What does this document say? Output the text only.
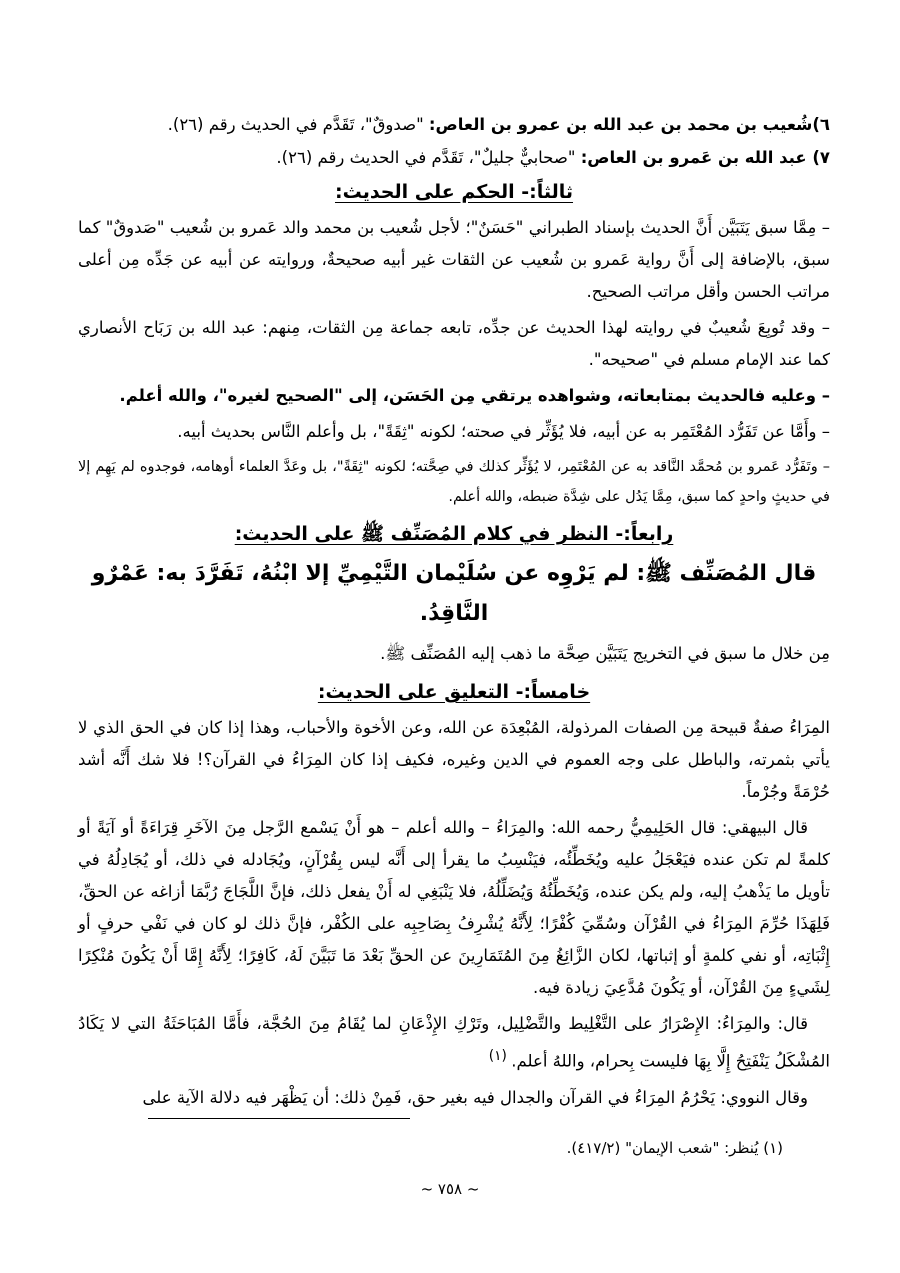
٦)شُعيب بن محمد بن عبد الله بن عمرو بن العاص: "صدوقٌ"، تَقَدَّم في الحديث رقم (٢٦).

٧) عبد الله بن عَمرو بن العاص: "صحابيٌّ جليلٌ"، تَقَدَّم في الحديث رقم (٢٦).

ثالثاً:- الحكم على الحديث:

– مِمَّا سبق يَتَبَيَّن أَنَّ الحديث بإسناد الطبراني "حَسَنٌ"؛ لأجل شُعيب بن محمد والد عَمرو بن شُعيب "صَدوقٌ" كما سبق، بالإضافة إلى أَنَّ رواية عَمرو بن شُعيب عن الثقات غير أبيه صحيحةٌ، وروايته عن أبيه عن جَدِّه مِن أعلى مراتب الحسن وأقل مراتب الصحيح.

– وقد تُوبِعَ شُعيبٌ في روايته لهذا الحديث عن جدِّه، تابعه جماعة مِن الثقات، مِنهم: عبد الله بن رَبَاح الأنصاري كما عند الإمام مسلم في "صحيحه".

– وعليه فالحديث بمتابعاته، وشواهده يرتقي مِن الحَسَن، إلى "الصحيح لغيره"، والله أعلم.

– وأَمَّا عن تَفَرُّد المُعْتَمِر به عن أبيه، فلا يُؤَثِّر في صحته؛ لكونه "ثِقَةً"، بل وأعلم النَّاس بحديث أبيه.

– وتَفَرُّد عَمرو بن مُحمَّد النَّاقد به عن المُعْتَمِر، لا يُؤَثِّر كذلك في صِحَّته؛ لكونه "ثِقَةً"، بل وعَدَّ العلماء أوهامه، فوجدوه لم يَهِم إلا في حديثٍ واحدٍ كما سبق، مِمَّا يَدُل على شِدَّة ضبطه، والله أعلم.

رابعاً:- النظر في كلام المُصَنِّف ﷺ على الحديث:

قال المُصَنِّف ﷺ: لم يَرْوِه عن سُلَيْمان التَّيْمِيِّ إلا ابْنُهُ، تَفَرَّدَ به: عَمْرٌو النَّاقِدُ.

مِن خلال ما سبق في التخريج يَتَبَيَّن صِحَّة ما ذهب إليه المُصَنِّف ﷺ.

خامساً:- التعليق على الحديث:

المِرَاءُ صفةٌ قبيحة مِن الصفات المرذولة، المُبْعِدَة عن الله، وعن الأخوة والأحباب، وهذا إذا كان في الحق الذي لا يأتي بثمرته، والباطل على وجه العموم في الدين وغيره، فكيف إذا كان المِرَاءُ في القرآن؟! فلا شك أَنَّه أشد حُرْمَةً وجُرْماً.

قال البيهقي: قال الحَلِيمِيُّ رحمه الله: والمِرَاءُ – والله أعلم – هو أَنْ يَسْمع الرَّجل مِنَ الآخَرِ قِرَاءَةً أو آيَةً أو كلمةً لم تكن عنده فيَعْجَلُ عليه ويُخَطِّئُه، فيَنْسِبُ ما يقرأ إلى أَنَّه ليس بِقُرْآنٍ، ويُجَادله في ذلك، أو يُجَادِلُهُ في تأويل ما يَذْهبُ إليه، ولم يكن عنده، وَيُخَطِّئُهُ وَيُضَلِّلُهُ، فلا يَنْبَغِي له أَنْ يفعل ذلك، فإنَّ اللَّجَاجَ رُبَّمَا أزاغه عن الحقِّ، فَلِهَذَا حُرِّمَ المِرَاءُ في القُرْآن وسُمِّيَ كُفْرًا؛ لِأَنَّهُ يُشْرِفُ بِصَاحِبِه على الكُفْر، فإنَّ ذلك لو كان في نَفْي حرفٍ أو إِثْبَاتِه، أو نفي كلمةٍ أو إثباتها، لكان الزَّائِغُ مِنَ المُتَمَارِينَ عن الحقِّ بَعْدَ مَا تَبَيَّنَ لَهُ، كَافِرًا؛ لِأَنَّهُ إِمَّا أَنْ يَكُونَ مُنْكِرًا لِشَيءٍ مِنَ القُرْآن، أو يَكُونَ مُدَّعِيَ زيادة فيه.

قال: والمِرَاءُ: الإِصْرَارُ على التَّغْلِيط والتَّضْلِيل، وتَرْكِ الإِذْعَانِ لما يُقَامُ مِنَ الحُجَّة، فأَمَّا المُبَاحَثَةُ التي لا يَكَادُ المُشْكَلُ يَنْفَتِحُ إِلَّا بِهَا فليست بِحرام، واللهُ أعلم. $^{(١)}$

وقال النووي: يَحْرُمُ المِرَاءُ في القرآن والجدال فيه بغير حق، فَمِنْ ذلك: أن يَظْهَر فيه دلالة الآية على

(١) يُنظر: "شعب الإيمان" (٤١٧/٢).
~ ٧٥٨ ~
